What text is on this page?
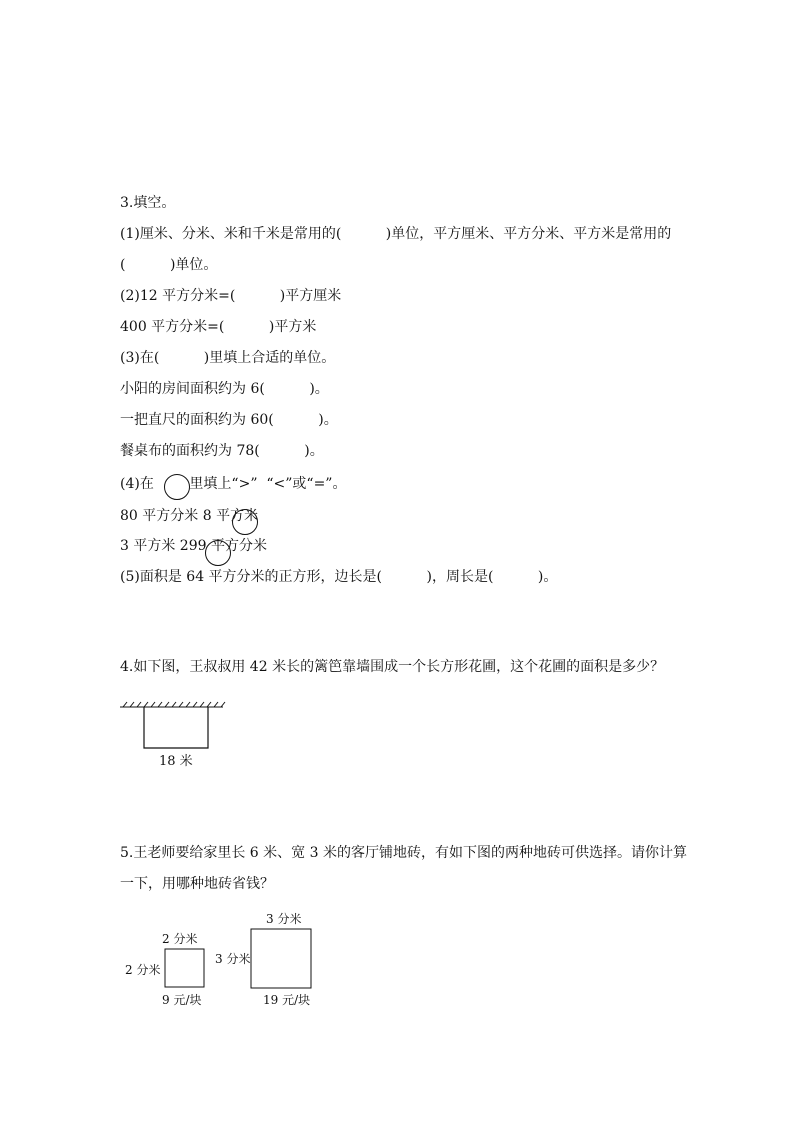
3.填空。
(1)厘米、分米、米和千米是常用的(          )单位，平方厘米、平方分米、平方米是常用的
(          )单位。
(2)12 平方分米=(          )平方厘米
400 平方分米=(          )平方米
(3)在(          )里填上合适的单位。
小阳的房间面积约为 6(          )。
一把直尺的面积约为 60(          )。
餐桌布的面积约为 78(          )。
(4)在        里填上“>”  “<”或“=”。
80 平方分米 8 平方米
3 平方米 299 平方分米
(5)面积是 64 平方分米的正方形，边长是(          )，周长是(          )。
4.如下图，王叔叔用 42 米长的篱笆靠墙围成一个长方形花圃，这个花圃的面积是多少？
18 米
5.王老师要给家里长 6 米、宽 3 米的客厅铺地砖，有如下图的两种地砖可供选择。请你计算
一下，用哪种地砖省钱？
2 分米
2 分米
9 元/块
3 分米
3 分米
19 元/块
